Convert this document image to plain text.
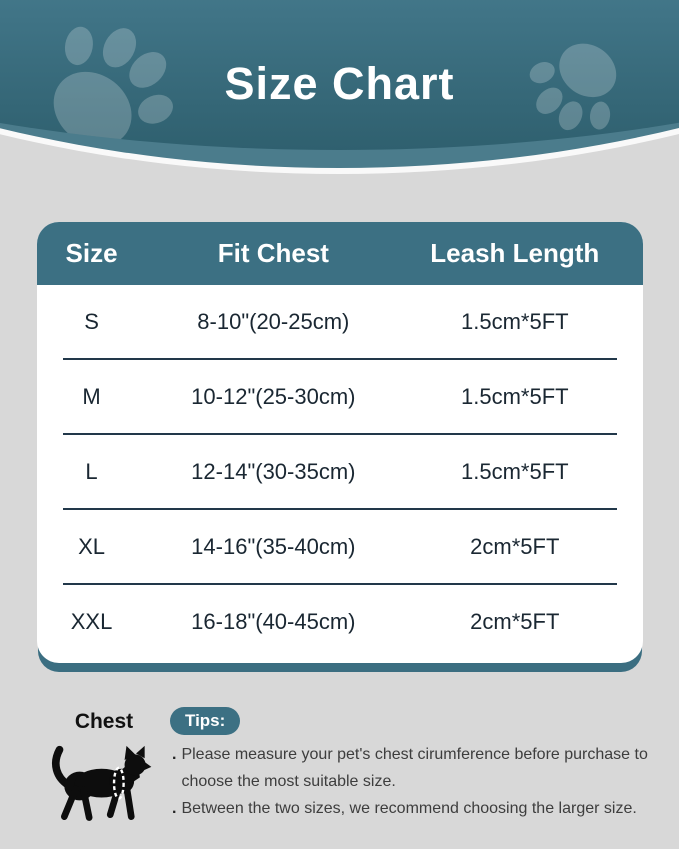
Size Chart
Size	Fit Chest	Leash Length
S	8-10"(20-25cm)	1.5cm*5FT
M	10-12"(25-30cm)	1.5cm*5FT
L	12-14"(30-35cm)	1.5cm*5FT
XL	14-16"(35-40cm)	2cm*5FT
XXL	16-18"(40-45cm)	2cm*5FT
Chest	Tips:
. Please measure your pet's chest cirumference before purchase to choose the most suitable size.
. Between the two sizes, we recommend choosing the larger size.
